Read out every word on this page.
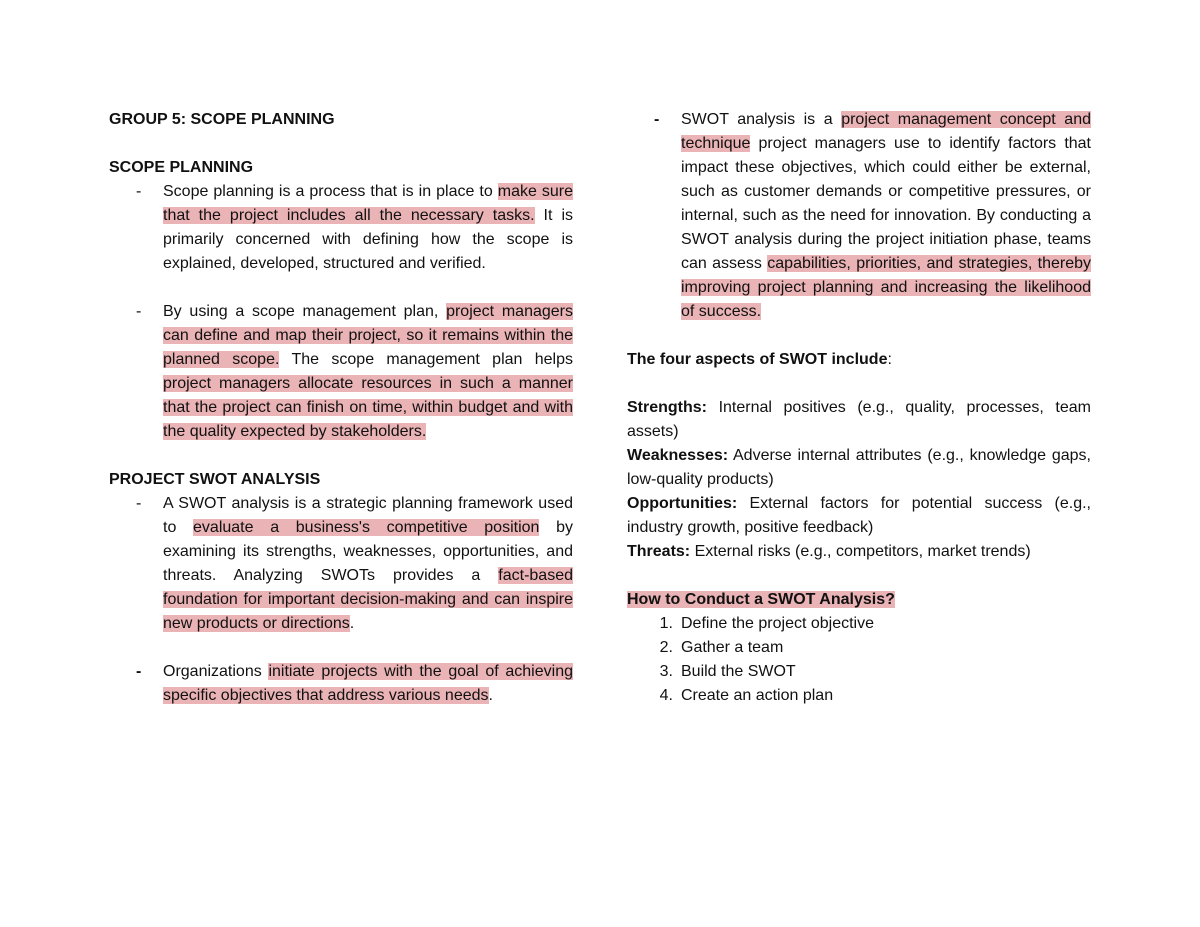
GROUP 5: SCOPE PLANNING
SCOPE PLANNING
- Scope planning is a process that is in place to make sure that the project includes all the necessary tasks. It is primarily concerned with defining how the scope is explained, developed, structured and verified.
- By using a scope management plan, project managers can define and map their project, so it remains within the planned scope. The scope management plan helps project managers allocate resources in such a manner that the project can finish on time, within budget and with the quality expected by stakeholders.
PROJECT SWOT ANALYSIS
- A SWOT analysis is a strategic planning framework used to evaluate a business's competitive position by examining its strengths, weaknesses, opportunities, and threats. Analyzing SWOTs provides a fact-based foundation for important decision-making and can inspire new products or directions.
- Organizations initiate projects with the goal of achieving specific objectives that address various needs.
- SWOT analysis is a project management concept and technique project managers use to identify factors that impact these objectives, which could either be external, such as customer demands or competitive pressures, or internal, such as the need for innovation. By conducting a SWOT analysis during the project initiation phase, teams can assess capabilities, priorities, and strategies, thereby improving project planning and increasing the likelihood of success.
The four aspects of SWOT include:
Strengths: Internal positives (e.g., quality, processes, team assets)
Weaknesses: Adverse internal attributes (e.g., knowledge gaps, low-quality products)
Opportunities: External factors for potential success (e.g., industry growth, positive feedback)
Threats: External risks (e.g., competitors, market trends)
How to Conduct a SWOT Analysis?
1. Define the project objective
2. Gather a team
3. Build the SWOT
4. Create an action plan
